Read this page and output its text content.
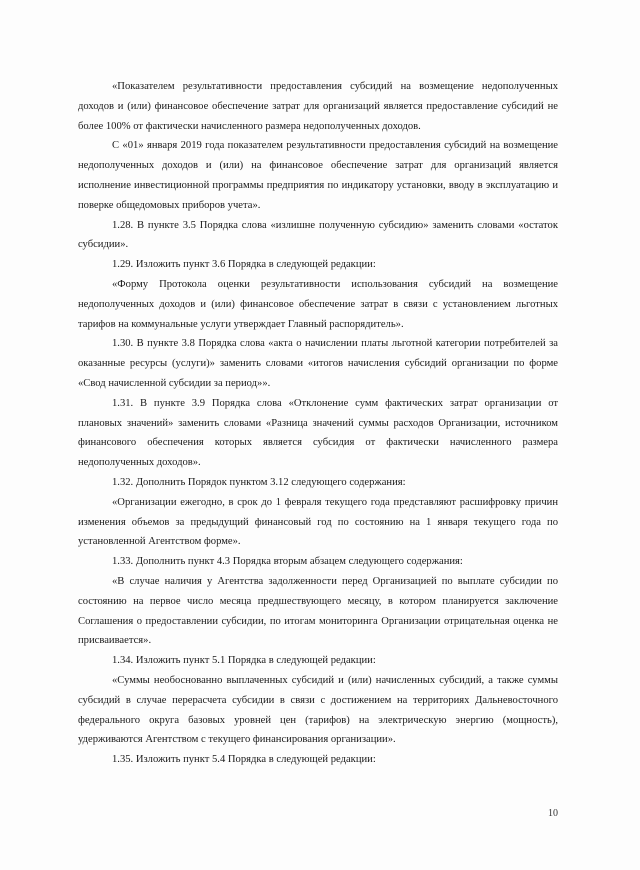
«Показателем результативности предоставления субсидий на возмещение недополученных доходов и (или) финансовое обеспечение затрат для организаций является предоставление субсидий не более 100% от фактически начисленного размера недополученных доходов.

С «01» января 2019 года показателем результативности предоставления субсидий на возмещение недополученных доходов и (или) на финансовое обеспечение затрат для организаций является исполнение инвестиционной программы предприятия по индикатору установки, вводу в эксплуатацию и поверке общедомовых приборов учета».

1.28. В пункте 3.5 Порядка слова «излишне полученную субсидию» заменить словами «остаток субсидии».

1.29. Изложить пункт 3.6 Порядка в следующей редакции:

«Форму Протокола оценки результативности использования субсидий на возмещение недополученных доходов и (или) финансовое обеспечение затрат в связи с установлением льготных тарифов на коммунальные услуги утверждает Главный распорядитель».

1.30. В пункте 3.8 Порядка слова «акта о начислении платы льготной категории потребителей за оказанные ресурсы (услуги)» заменить словами «итогов начисления субсидий организации по форме «Свод начисленной субсидии за период»».

1.31. В пункте 3.9 Порядка слова «Отклонение сумм фактических затрат организации от плановых значений» заменить словами «Разница значений суммы расходов Организации, источником финансового обеспечения которых является субсидия от фактически начисленного размера недополученных доходов».

1.32. Дополнить Порядок пунктом 3.12 следующего содержания:

«Организации ежегодно, в срок до 1 февраля текущего года представляют расшифровку причин изменения объемов за предыдущий финансовый год по состоянию на 1 января текущего года по установленной Агентством форме».

1.33. Дополнить пункт 4.3 Порядка вторым абзацем следующего содержания:

«В случае наличия у Агентства задолженности перед Организацией по выплате субсидии по состоянию на первое число месяца предшествующего месяцу, в котором планируется заключение Соглашения о предоставлении субсидии, по итогам мониторинга Организации отрицательная оценка не присваивается».

1.34. Изложить пункт 5.1 Порядка в следующей редакции:

«Суммы необоснованно выплаченных субсидий и (или) начисленных субсидий, а также суммы субсидий в случае перерасчета субсидии в связи с достижением на территориях Дальневосточного федерального округа базовых уровней цен (тарифов) на электрическую энергию (мощность), удерживаются Агентством с текущего финансирования организации».

1.35. Изложить пункт 5.4 Порядка в следующей редакции:

10
